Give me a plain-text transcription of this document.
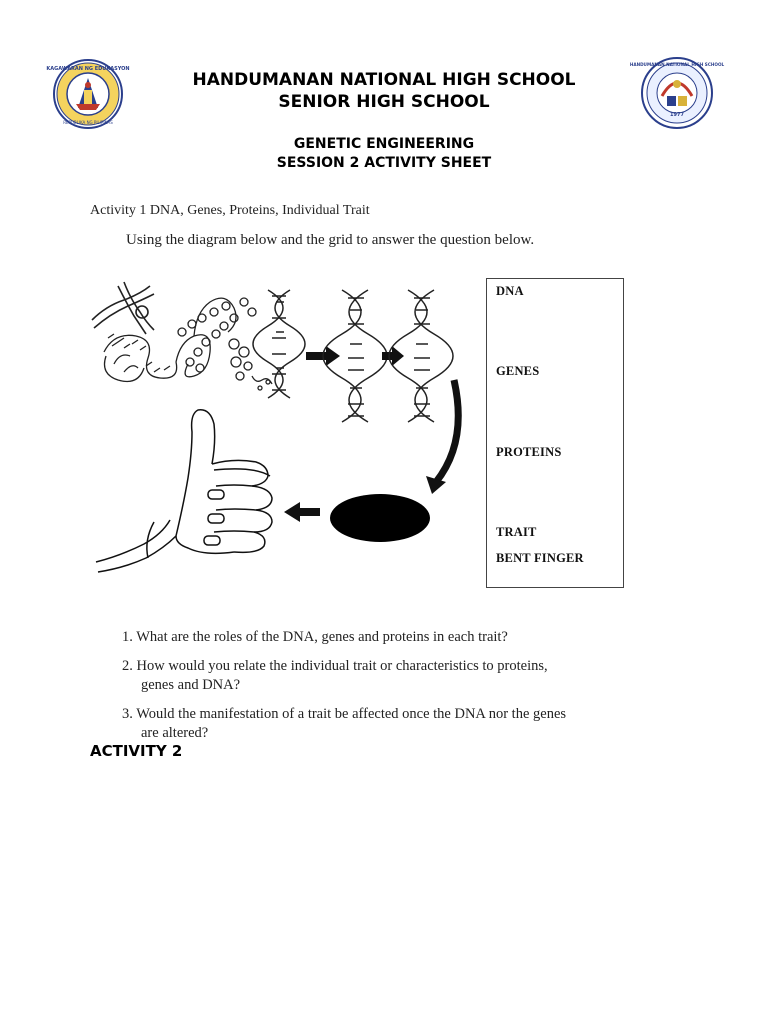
KAGAWARAN NG EDUKASYON
REPUBLIKA NG PILIPINAS
1977
HANDUMANAN NATIONAL HIGH SCHOOL
HANDUMANAN NATIONAL HIGH SCHOOL
SENIOR HIGH SCHOOL
GENETIC ENGINEERING
SESSION 2 ACTIVITY SHEET
Activity 1 DNA, Genes, Proteins, Individual Trait
Using the diagram below and the grid to answer the question below.
DNA
GENES
PROTEINS
TRAIT
BENT FINGER
1. What are the roles of the DNA, genes and proteins in each trait?
2. How would you relate the individual trait or characteristics to proteins,
genes and DNA?
3. Would the manifestation of a trait be affected once the DNA nor the genes
are altered?
ACTIVITY 2
